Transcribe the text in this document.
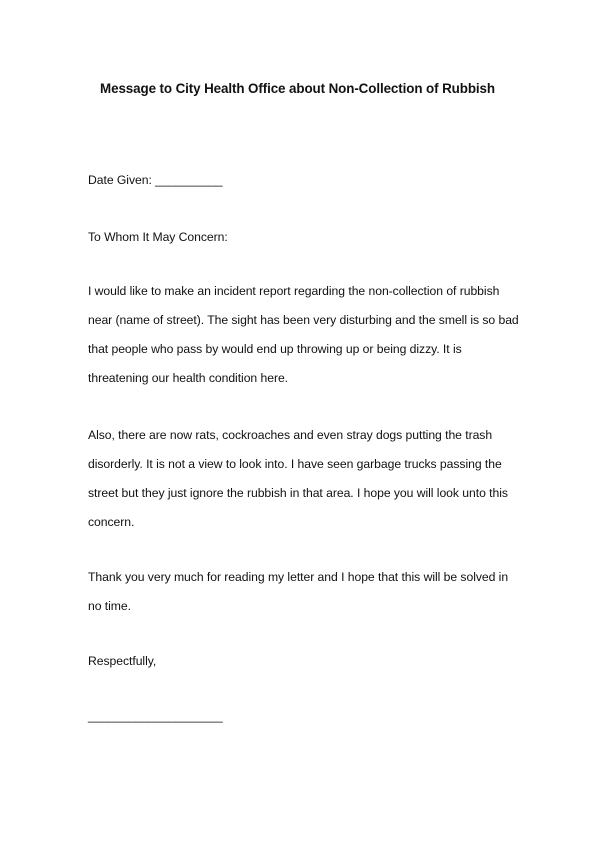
Message to City Health Office about Non-Collection of Rubbish
Date Given: __________
To Whom It May Concern:
I would like to make an incident report regarding the non-collection of rubbish
near (name of street). The sight has been very disturbing and the smell is so bad
that people who pass by would end up throwing up or being dizzy. It is
threatening our health condition here.
Also, there are now rats, cockroaches and even stray dogs putting the trash
disorderly. It is not a view to look into. I have seen garbage trucks passing the
street but they just ignore the rubbish in that area. I hope you will look unto this
concern.
Thank you very much for reading my letter and I hope that this will be solved in
no time.
Respectfully,
____________________
